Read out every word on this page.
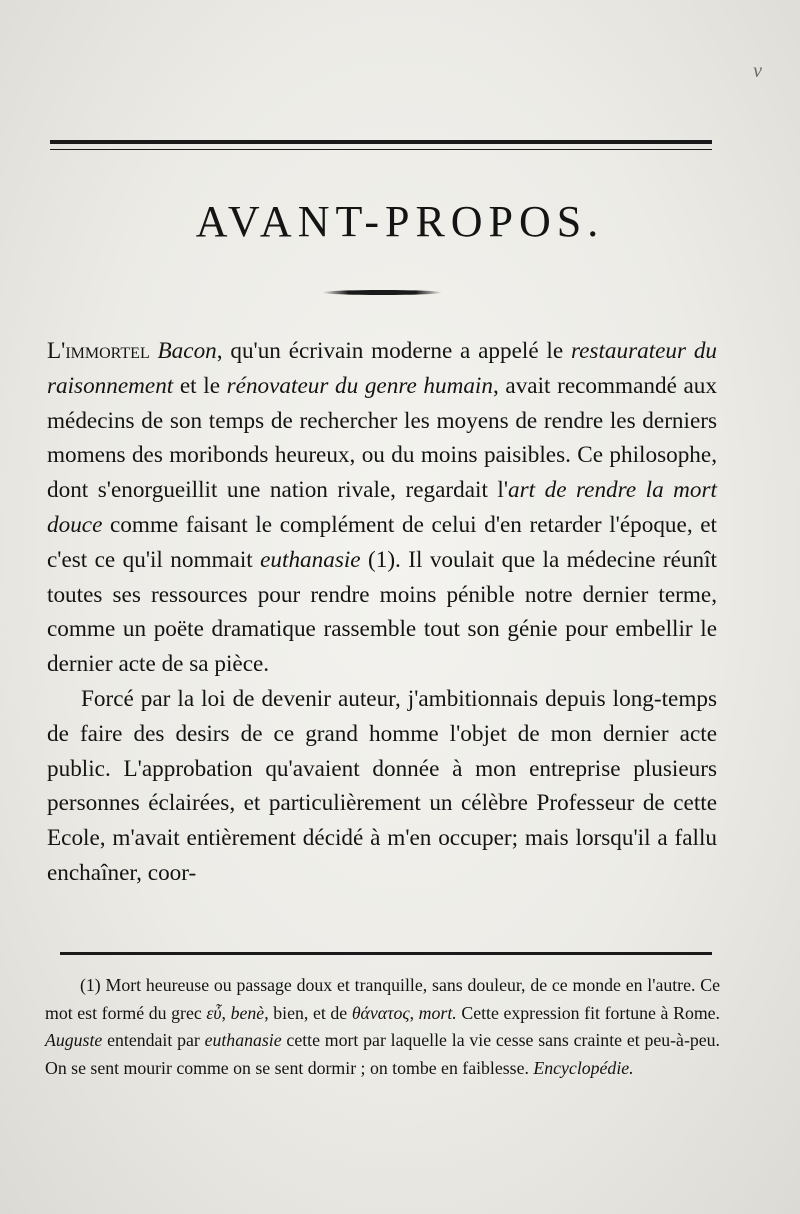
v
AVANT-PROPOS.

L'immortel Bacon, qu'un écrivain moderne a appelé le restaurateur du raisonnement et le rénovateur du genre humain, avait recommandé aux médecins de son temps de rechercher les moyens de rendre les derniers momens des moribonds heureux, ou du moins paisibles. Ce philosophe, dont s'enorgueillit une nation rivale, regardait l'art de rendre la mort douce comme faisant le complément de celui d'en retarder l'époque, et c'est ce qu'il nommait euthanasie (1). Il voulait que la médecine réunît toutes ses ressources pour rendre moins pénible notre dernier terme, comme un poëte dramatique rassemble tout son génie pour embellir le dernier acte de sa pièce.

Forcé par la loi de devenir auteur, j'ambitionnais depuis long-temps de faire des desirs de ce grand homme l'objet de mon dernier acte public. L'approbation qu'avaient donnée à mon entreprise plusieurs personnes éclairées, et particulièrement un célèbre Professeur de cette Ecole, m'avait entièrement décidé à m'en occuper; mais lorsqu'il a fallu enchaîner, coor-

(1) Mort heureuse ou passage doux et tranquille, sans douleur, de ce monde en l'autre. Ce mot est formé du grec εὖ, benè, bien, et de θάνατος, mort. Cette expression fit fortune à Rome. Auguste entendait par euthanasie cette mort par laquelle la vie cesse sans crainte et peu-à-peu. On se sent mourir comme on se sent dormir ; on tombe en faiblesse. Encyclopédie.
